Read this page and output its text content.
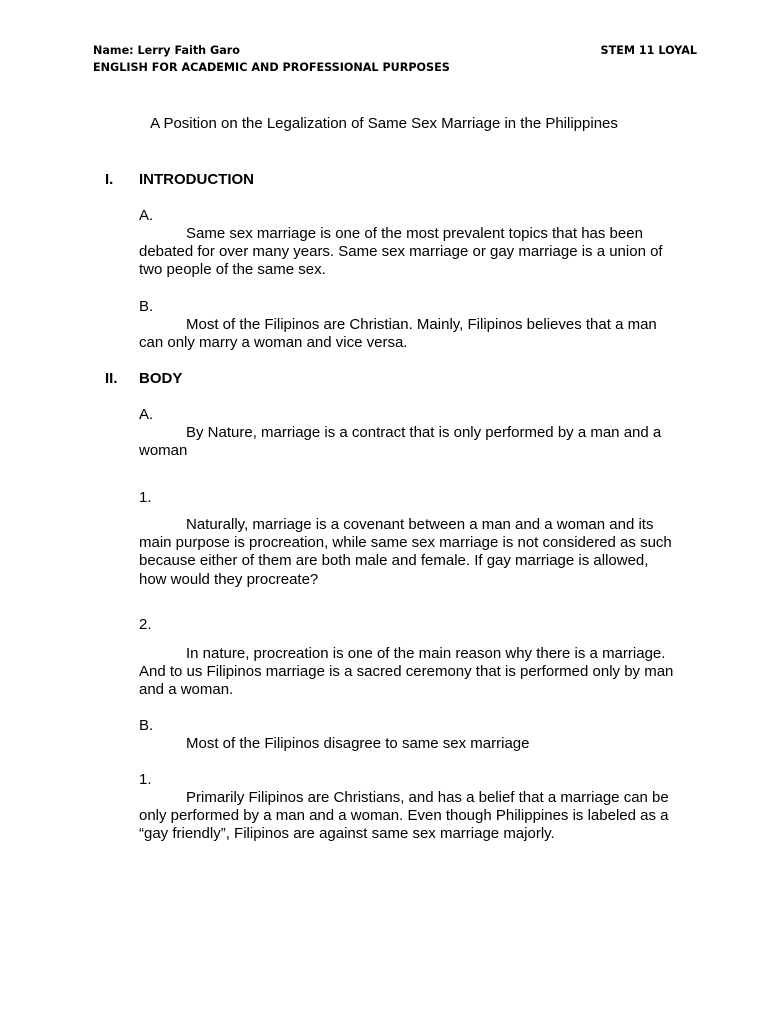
Name: Lerry Faith Garo	STEM 11 LOYAL
ENGLISH FOR ACADEMIC AND PROFESSIONAL PURPOSES
A Position on the Legalization of Same Sex Marriage in the Philippines
I. INTRODUCTION
A.
Same sex marriage is one of the most prevalent topics that has been debated for over many years. Same sex marriage or gay marriage is a union of two people of the same sex.
B.
Most of the Filipinos are Christian. Mainly, Filipinos believes that a man can only marry a woman and vice versa.
II. BODY
A.
By Nature, marriage is a contract that is only performed by a man and a woman
1.
Naturally, marriage is a covenant between a man and a woman and its main purpose is procreation, while same sex marriage is not considered as such because either of them are both male and female. If gay marriage is allowed, how would they procreate?
2.
In nature, procreation is one of the main reason why there is a marriage. And to us Filipinos marriage is a sacred ceremony that is performed only by man and a woman.
B.
Most of the Filipinos disagree to same sex marriage
1.
Primarily Filipinos are Christians, and has a belief that a marriage can be only performed by a man and a woman. Even though Philippines is labeled as a “gay friendly”, Filipinos are against same sex marriage majorly.
